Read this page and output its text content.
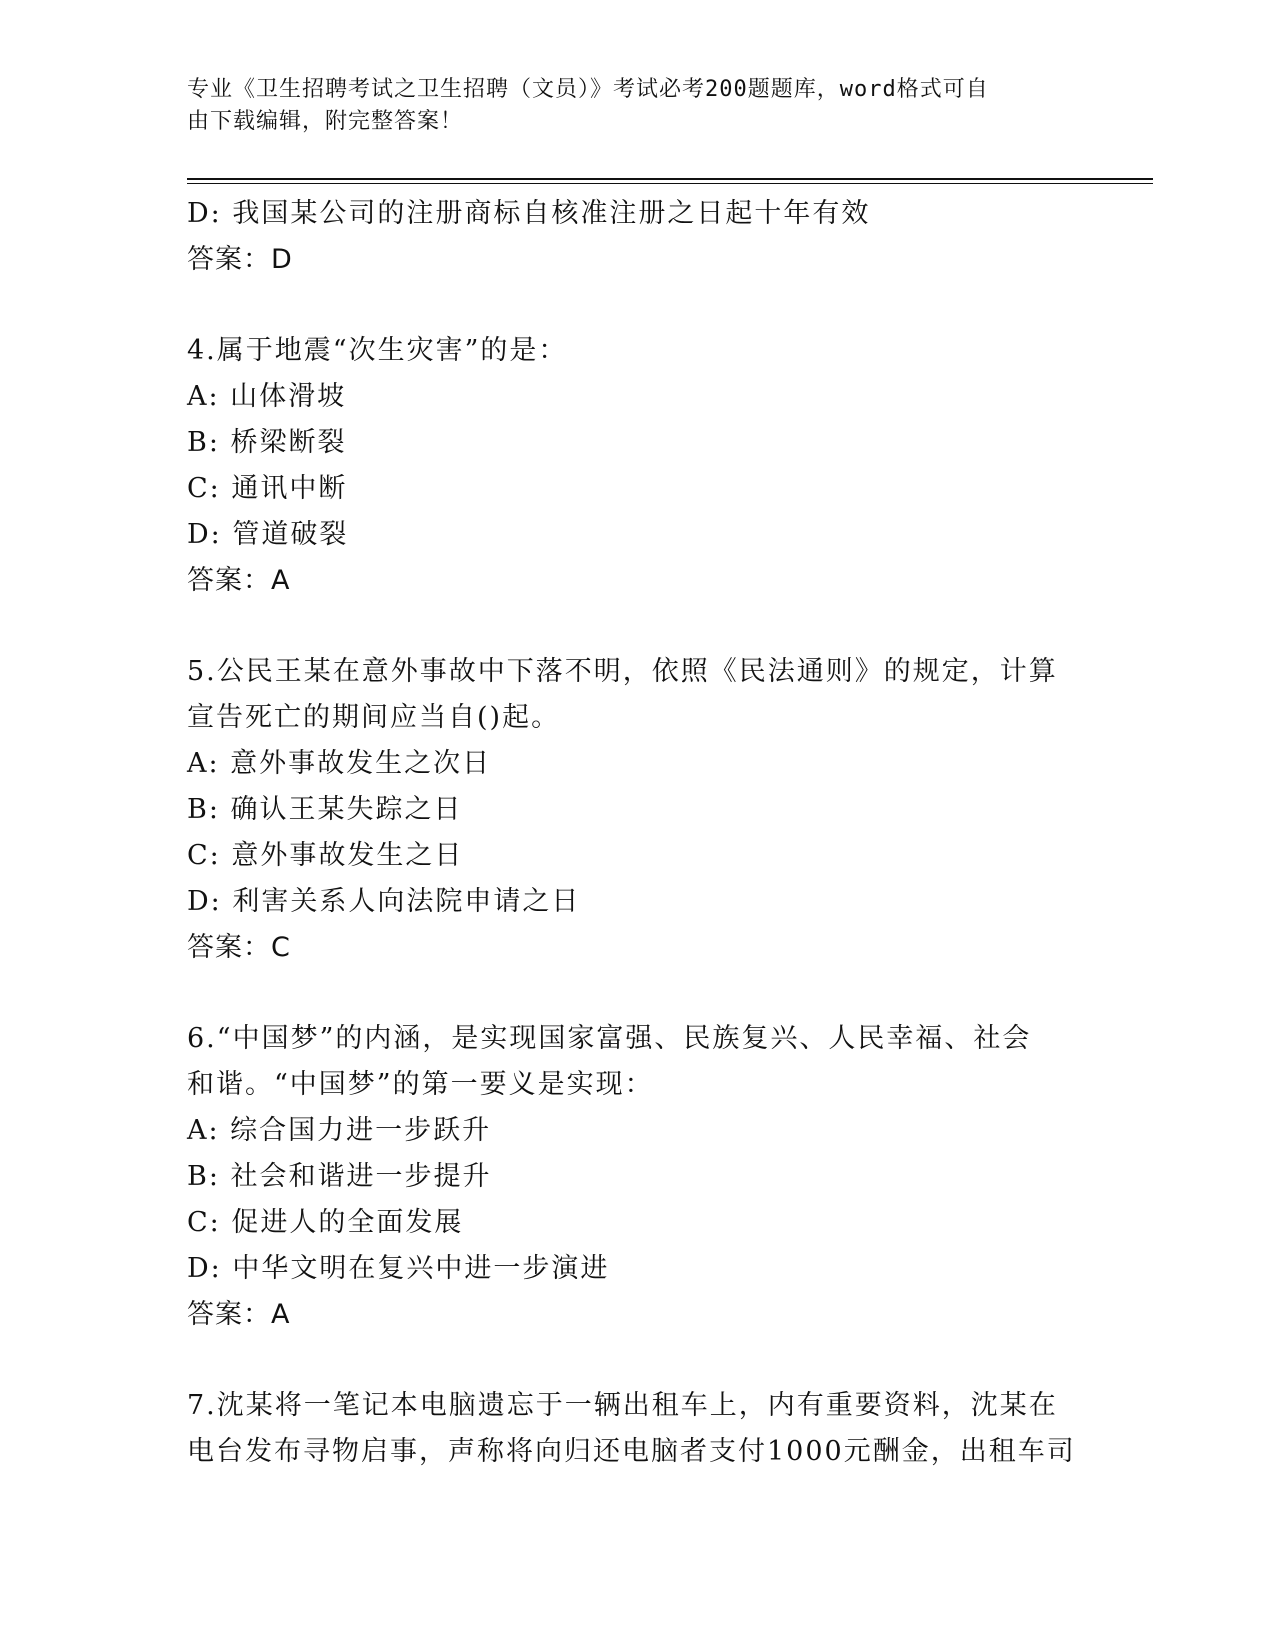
专业《卫生招聘考试之卫生招聘（文员）》考试必考200题题库，word格式可自
由下载编辑，附完整答案！
D: 我国某公司的注册商标自核准注册之日起十年有效
答案：D
4.属于地震“次生灾害”的是：
A: 山体滑坡
B: 桥梁断裂
C: 通讯中断
D: 管道破裂
答案：A
5.公民王某在意外事故中下落不明，依照《民法通则》的规定，计算
宣告死亡的期间应当自()起。
A: 意外事故发生之次日
B: 确认王某失踪之日
C: 意外事故发生之日
D: 利害关系人向法院申请之日
答案：C
6.“中国梦”的内涵，是实现国家富强、民族复兴、人民幸福、社会
和谐。“中国梦”的第一要义是实现：
A: 综合国力进一步跃升
B: 社会和谐进一步提升
C: 促进人的全面发展
D: 中华文明在复兴中进一步演进
答案：A
7.沈某将一笔记本电脑遗忘于一辆出租车上，内有重要资料，沈某在
电台发布寻物启事，声称将向归还电脑者支付1000元酬金，出租车司
